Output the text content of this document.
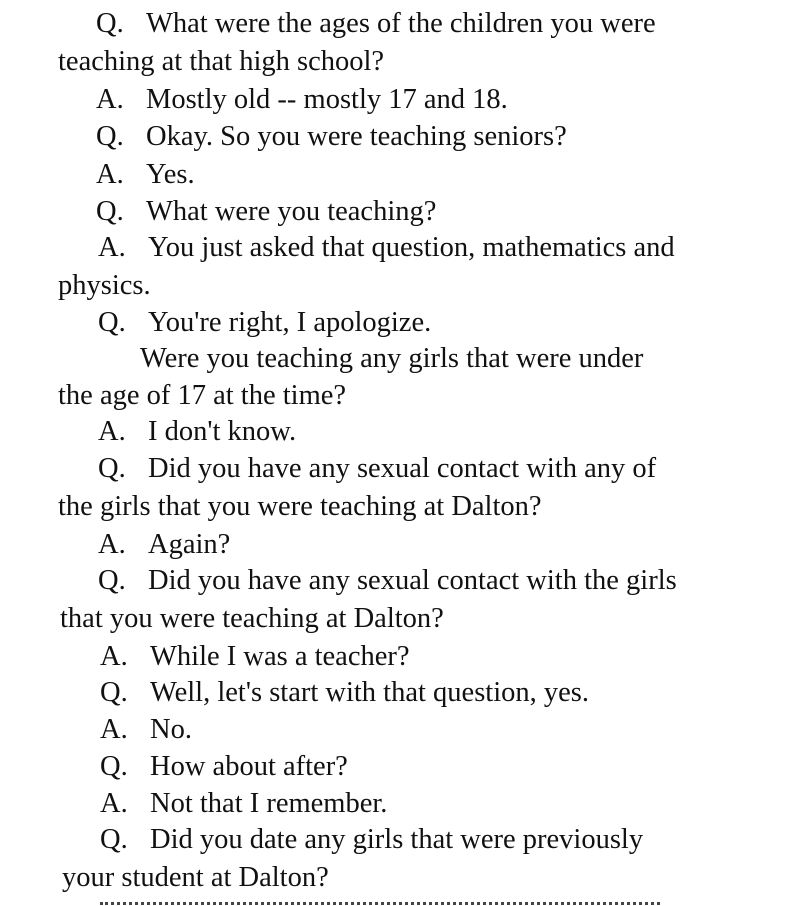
Q. What were the ages of the children you were
teaching at that high school?
A. Mostly old -- mostly 17 and 18.
Q. Okay. So you were teaching seniors?
A. Yes.
Q. What were you teaching?
A. You just asked that question, mathematics and
physics.
Q. You're right, I apologize.
Were you teaching any girls that were under
the age of 17 at the time?
A. I don't know.
Q. Did you have any sexual contact with any of
the girls that you were teaching at Dalton?
A. Again?
Q. Did you have any sexual contact with the girls
that you were teaching at Dalton?
A. While I was a teacher?
Q. Well, let's start with that question, yes.
A. No.
Q. How about after?
A. Not that I remember.
Q. Did you date any girls that were previously
your student at Dalton?
